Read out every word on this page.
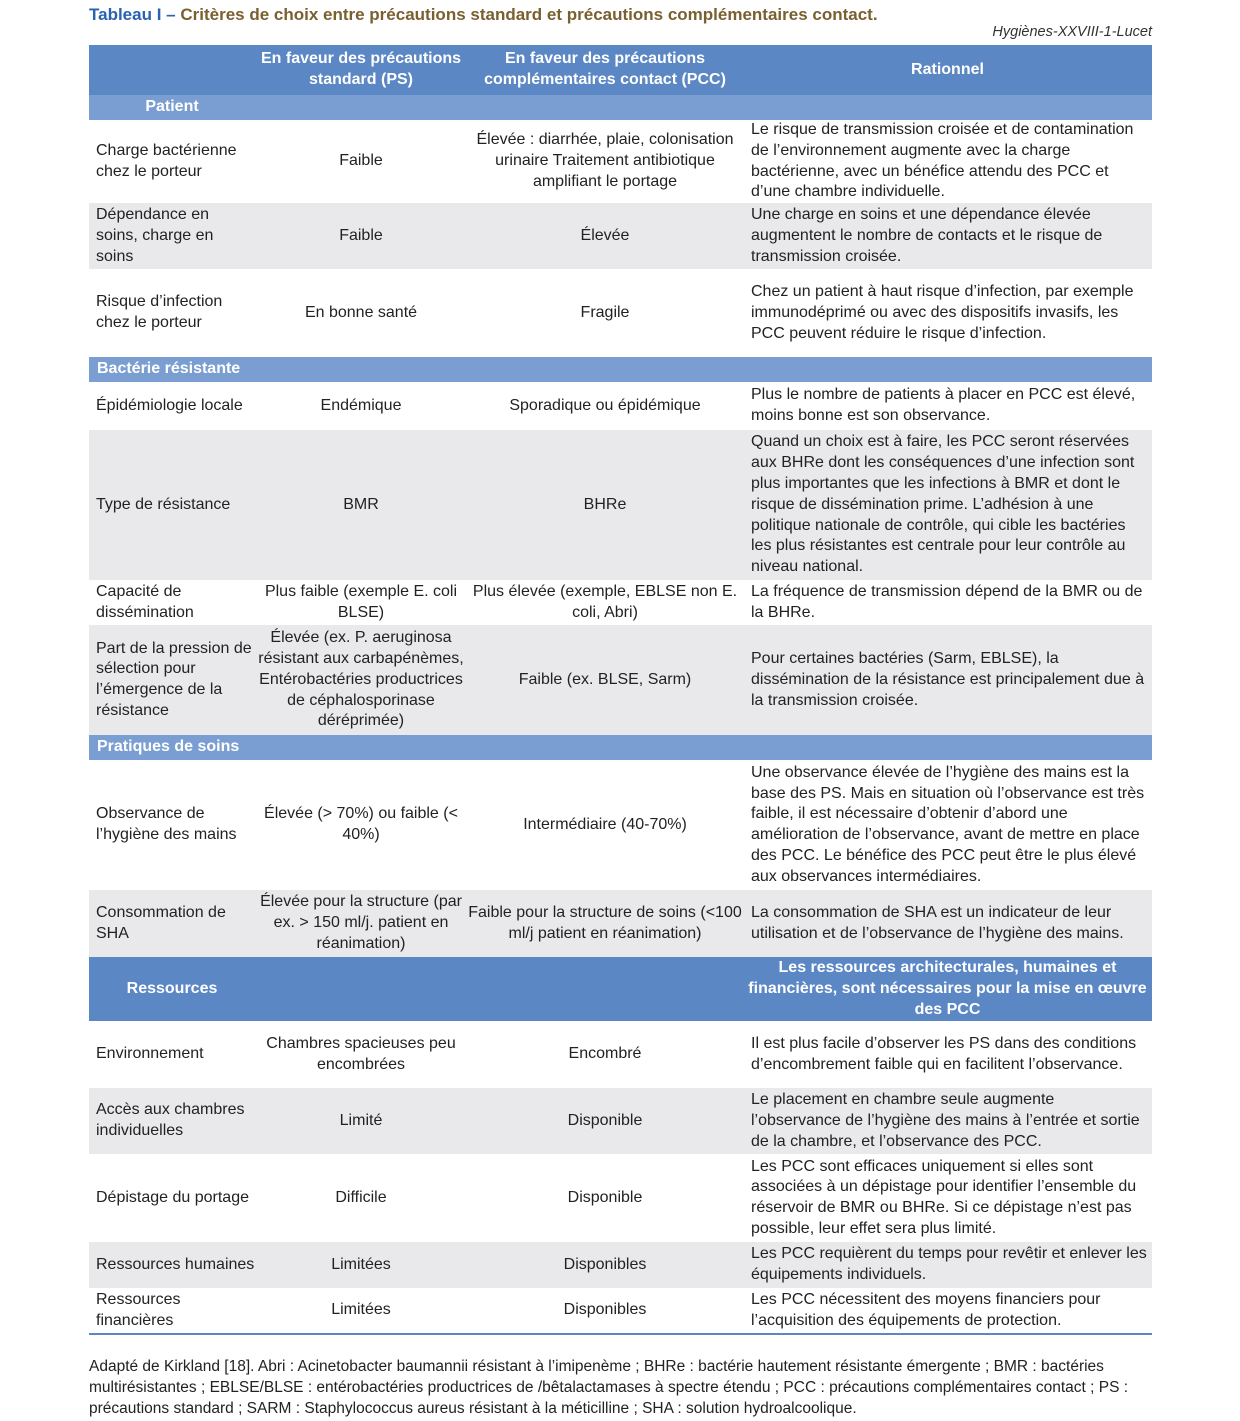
Tableau I – Critères de choix entre précautions standard et précautions complémentaires contact.
Hygiènes-XXVIII-1-Lucet
	En faveur des précautions standard (PS)	En faveur des précautions complémentaires contact (PCC)	Rationnel
Patient			
Charge bactérienne chez le porteur	Faible	Élevée : diarrhée, plaie, colonisation urinaire Traitement antibiotique amplifiant le portage	Le risque de transmission croisée et de contamination de l’environnement augmente avec la charge bactérienne, avec un bénéfice attendu des PCC et d’une chambre individuelle.
Dépendance en soins, charge en soins	Faible	Élevée	Une charge en soins et une dépendance élevée augmentent le nombre de contacts et le risque de transmission croisée.
Risque d’infection chez le porteur	En bonne santé	Fragile	Chez un patient à haut risque d’infection, par exemple immunodéprimé ou avec des dispositifs invasifs, les PCC peuvent réduire le risque d’infection.
Bactérie résistante			
Épidémiologie locale	Endémique	Sporadique ou épidémique	Plus le nombre de patients à placer en PCC est élevé, moins bonne est son observance.
Type de résistance	BMR	BHRe	Quand un choix est à faire, les PCC seront réservées aux BHRe dont les conséquences d’une infection sont plus importantes que les infections à BMR et dont le risque de dissémination prime. L’adhésion à une politique nationale de contrôle, qui cible les bactéries les plus résistantes est centrale pour leur contrôle au niveau national.
Capacité de dissémination	Plus faible (exemple E. coli BLSE)	Plus élevée (exemple, EBLSE non E. coli, Abri)	La fréquence de transmission dépend de la BMR ou de la BHRe.
Part de la pression de sélection pour l’émergence de la résistance	Élevée (ex. P. aeruginosa résistant aux carbapénèmes, Entérobactéries productrices de céphalosporinase déréprimée)	Faible (ex. BLSE, Sarm)	Pour certaines bactéries (Sarm, EBLSE), la dissémination de la résistance est principalement due à la transmission croisée.
Pratiques de soins			
Observance de l’hygiène des mains	Élevée (> 70%) ou faible (< 40%)	Intermédiaire (40-70%)	Une observance élevée de l’hygiène des mains est la base des PS. Mais en situation où l’observance est très faible, il est nécessaire d’obtenir d’abord une amélioration de l’observance, avant de mettre en place des PCC. Le bénéfice des PCC peut être le plus élevé aux observances intermédiaires.
Consommation de SHA	Élevée pour la structure (par ex. > 150 ml/j. patient en réanimation)	Faible pour la structure de soins (<100 ml/j patient en réanimation)	La consommation de SHA est un indicateur de leur utilisation et de l’observance de l’hygiène des mains.
Ressources			Les ressources architecturales, humaines et financières, sont nécessaires pour la mise en œuvre des PCC
Environnement	Chambres spacieuses peu encombrées	Encombré	Il est plus facile d’observer les PS dans des conditions d’encombrement faible qui en facilitent l’observance.
Accès aux chambres individuelles	Limité	Disponible	Le placement en chambre seule augmente l’observance de l’hygiène des mains à l’entrée et sortie de la chambre, et l’observance des PCC.
Dépistage du portage	Difficile	Disponible	Les PCC sont efficaces uniquement si elles sont associées à un dépistage pour identifier l’ensemble du réservoir de BMR ou BHRe. Si ce dépistage n’est pas possible, leur effet sera plus limité.
Ressources humaines	Limitées	Disponibles	Les PCC requièrent du temps pour revêtir et enlever les équipements individuels.
Ressources financières	Limitées	Disponibles	Les PCC nécessitent des moyens financiers pour l’acquisition des équipements de protection.
Adapté de Kirkland [18]. Abri : Acinetobacter baumannii résistant à l’imipenème ; BHRe : bactérie hautement résistante émergente ; BMR : bactéries multirésistantes ; EBLSE/BLSE : entérobactéries productrices de /bêtalactamases à spectre étendu ; PCC : précautions complémentaires contact ; PS : précautions standard ; SARM : Staphylococcus aureus résistant à la méticilline ; SHA : solution hydroalcoolique.
